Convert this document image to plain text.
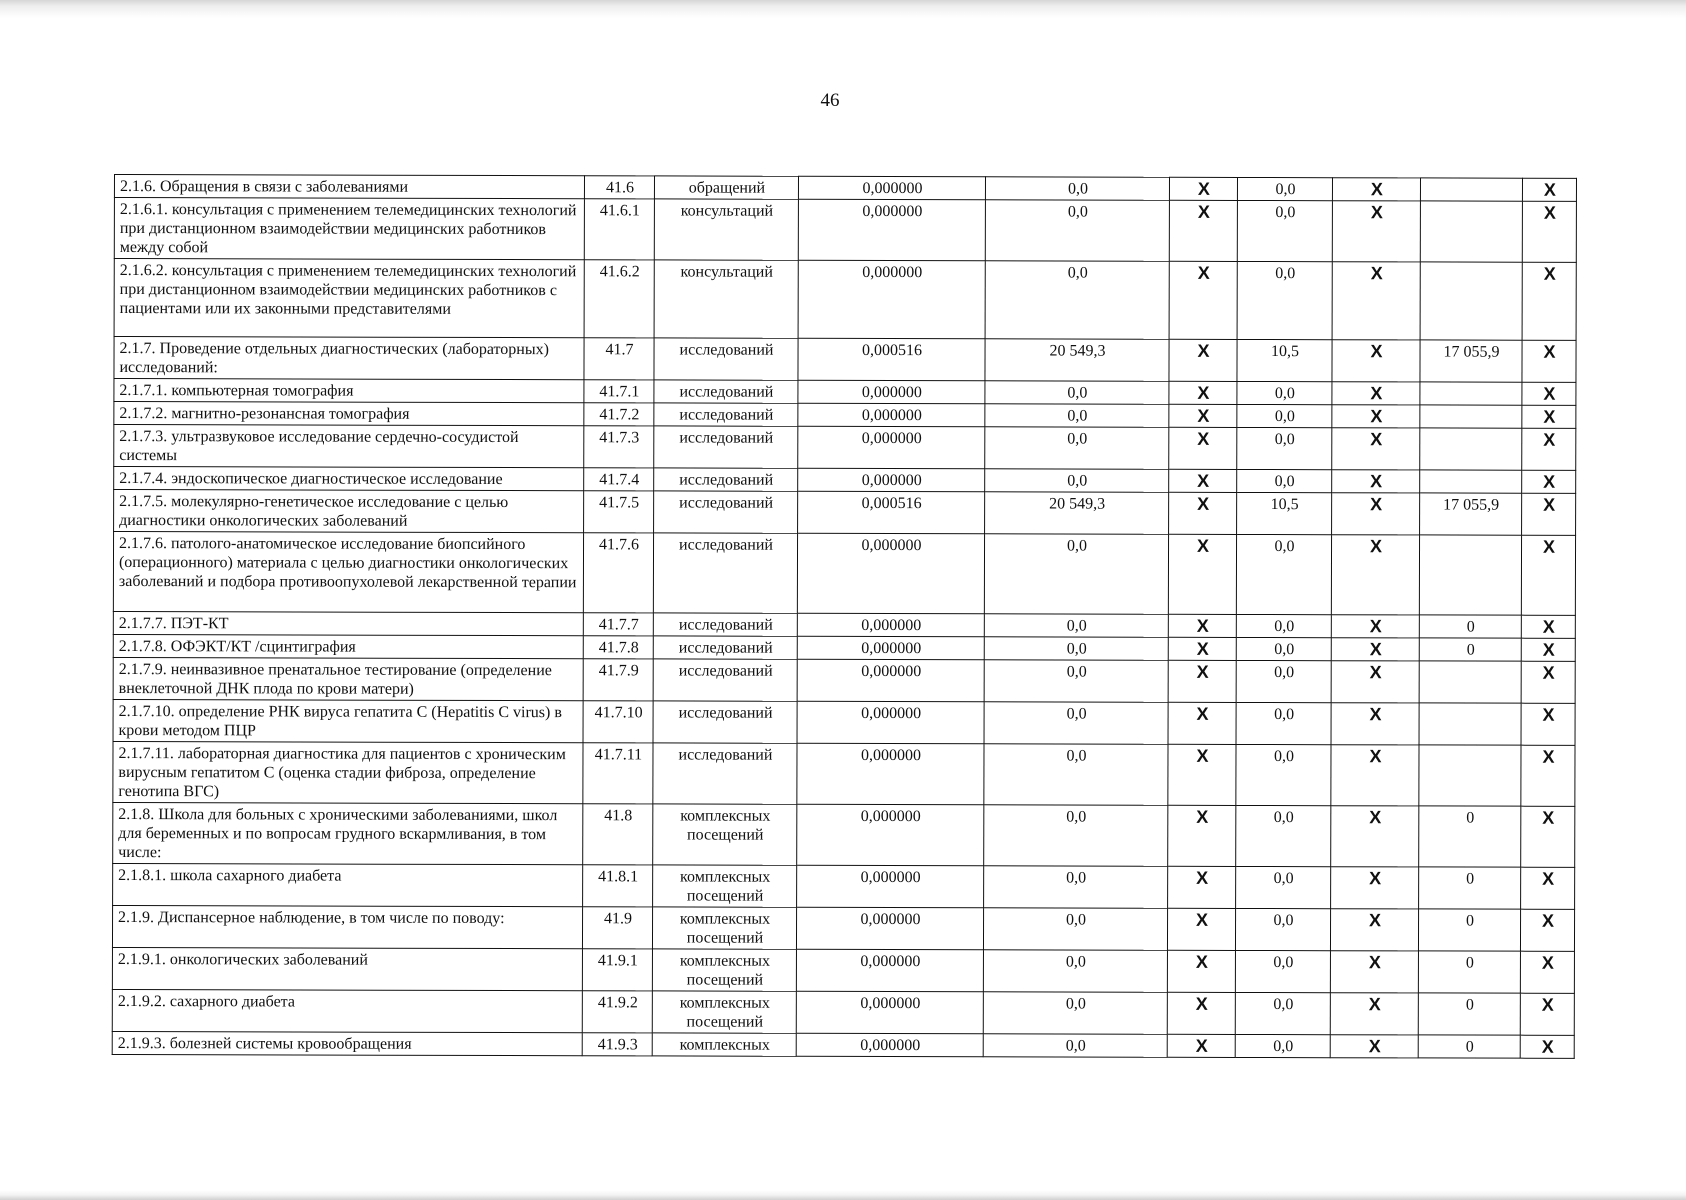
46
2.1.6. Обращения в связи с заболеваниями	41.6	обращений	0,000000	0,0	X	0,0	X		X
2.1.6.1. консультация с применением телемедицинских технологий при дистанционном взаимодействии медицинских работников между собой	41.6.1	консультаций	0,000000	0,0	X	0,0	X		X
2.1.6.2. консультация с применением телемедицинских технологий при дистанционном взаимодействии медицинских работников с пациентами или их законными представителями	41.6.2	консультаций	0,000000	0,0	X	0,0	X		X
2.1.7. Проведение отдельных диагностических (лабораторных) исследований:	41.7	исследований	0,000516	20 549,3	X	10,5	X	17 055,9	X
2.1.7.1. компьютерная томография	41.7.1	исследований	0,000000	0,0	X	0,0	X		X
2.1.7.2. магнитно-резонансная томография	41.7.2	исследований	0,000000	0,0	X	0,0	X		X
2.1.7.3. ультразвуковое исследование сердечно-сосудистой системы	41.7.3	исследований	0,000000	0,0	X	0,0	X		X
2.1.7.4. эндоскопическое диагностическое исследование	41.7.4	исследований	0,000000	0,0	X	0,0	X		X
2.1.7.5. молекулярно-генетическое исследование с целью диагностики онкологических заболеваний	41.7.5	исследований	0,000516	20 549,3	X	10,5	X	17 055,9	X
2.1.7.6. патолого-анатомическое исследование биопсийного (операционного) материала с целью диагностики онкологических заболеваний и подбора противоопухолевой лекарственной терапии	41.7.6	исследований	0,000000	0,0	X	0,0	X		X
2.1.7.7. ПЭТ-КТ	41.7.7	исследований	0,000000	0,0	X	0,0	X	0	X
2.1.7.8. ОФЭКТ/КТ /сцинтиграфия	41.7.8	исследований	0,000000	0,0	X	0,0	X	0	X
2.1.7.9. неинвазивное пренатальное тестирование (определение внеклеточной ДНК плода по крови матери)	41.7.9	исследований	0,000000	0,0	X	0,0	X		X
2.1.7.10. определение РНК вируса гепатита С (Hepatitis C virus) в крови методом ПЦР	41.7.10	исследований	0,000000	0,0	X	0,0	X		X
2.1.7.11. лабораторная диагностика для пациентов с хроническим вирусным гепатитом С (оценка стадии фиброза, определение генотипа ВГС)	41.7.11	исследований	0,000000	0,0	X	0,0	X		X
2.1.8. Школа для больных с хроническими заболеваниями, школ для беременных и по вопросам грудного вскармливания, в том числе:	41.8	комплексных посещений	0,000000	0,0	X	0,0	X	0	X
2.1.8.1. школа сахарного диабета	41.8.1	комплексных посещений	0,000000	0,0	X	0,0	X	0	X
2.1.9. Диспансерное наблюдение, в том числе по поводу:	41.9	комплексных посещений	0,000000	0,0	X	0,0	X	0	X
2.1.9.1. онкологических заболеваний	41.9.1	комплексных посещений	0,000000	0,0	X	0,0	X	0	X
2.1.9.2. сахарного диабета	41.9.2	комплексных посещений	0,000000	0,0	X	0,0	X	0	X
2.1.9.3. болезней системы кровообращения	41.9.3	комплексных	0,000000	0,0	X	0,0	X	0	X
